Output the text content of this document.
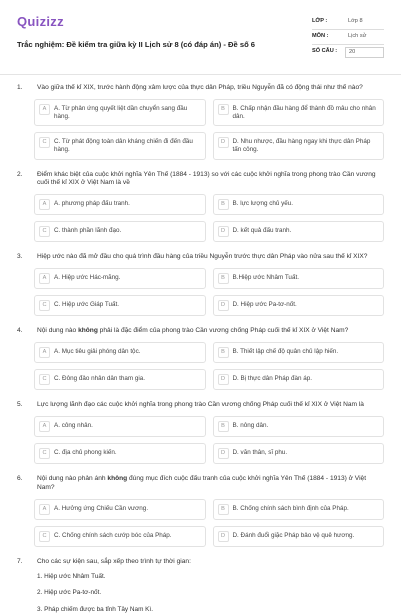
Quizizz
Trắc nghiệm: Đề kiểm tra giữa kỳ II Lịch sử 8 (có đáp án) - Đề số 6
LỚP :	Lớp 8
MÔN :	Lịch sử
SỐ CÂU :	20
1.	Vào giữa thế kỉ XIX, trước hành động xâm lược của thực dân Pháp, triều Nguyễn đã có động thái như thế nào?
A	A. Từ phản ứng quyết liệt dần chuyển sang đầu hàng.
B	B. Chấp nhận đầu hàng để thành đồ mâu cho nhân dân.
C	C. Từ phát động toàn dân kháng chiến đi đến đầu hàng.
D	D. Nhu nhược, đầu hàng ngay khi thực dân Pháp tấn công.
2.	Điểm khác biệt của cuộc khởi nghĩa Yên Thế (1884 - 1913) so với các cuộc khởi nghĩa trong phong trào Cần vương cuối thế kỉ XIX ở Việt Nam là về
A	A. phương pháp đấu tranh.	B	B. lực lượng chủ yếu.
C	C. thành phần lãnh đạo.	D	D. kết quả đấu tranh.
3.	Hiệp ước nào đã mở đầu cho quá trình đầu hàng của triều Nguyễn trước thực dân Pháp vào nửa sau thế kỉ XIX?
A	A. Hiệp ước Hác-măng.	B	B.Hiệp ước Nhâm Tuất.
C	C. Hiệp ước Giáp Tuất.	D	D. Hiệp ước Pa-tơ-nốt.
4.	Nội dung nào không phải là đặc điểm của phong trào Cần vương chống Pháp cuối thế kỉ XIX ở Việt Nam?
A	A. Mục tiêu giải phóng dân tộc.	B	B. Thiết lập chế độ quân chủ lập hiến.
C	C. Đông đảo nhân dân tham gia.	D	D. Bị thực dân Pháp đàn áp.
5.	Lực lượng lãnh đạo các cuộc khởi nghĩa trong phong trào Cần vương chống Pháp cuối thế kỉ XIX ở Việt Nam là
A	A. công nhân.	B	B. nông dân.
C	C. địa chủ phong kiến.	D	D. văn thân, sĩ phu.
6.	Nội dung nào phản ánh không đúng mục đích cuộc đấu tranh của cuộc khởi nghĩa Yên Thế (1884 - 1913) ở Việt Nam?
A	A. Hưởng ứng Chiếu Cần vương.	B	B. Chống chính sách bình định của Pháp.
C	C. Chống chính sách cướp bóc của Pháp.	D	D. Đánh đuổi giặc Pháp bảo vệ quê hương.
7.	Cho các sự kiện sau, sắp xếp theo trình tự thời gian:
1. Hiệp ước Nhâm Tuất.
2. Hiệp ước Pa-tơ-nốt.
3. Pháp chiếm được ba tỉnh Tây Nam Kì.
